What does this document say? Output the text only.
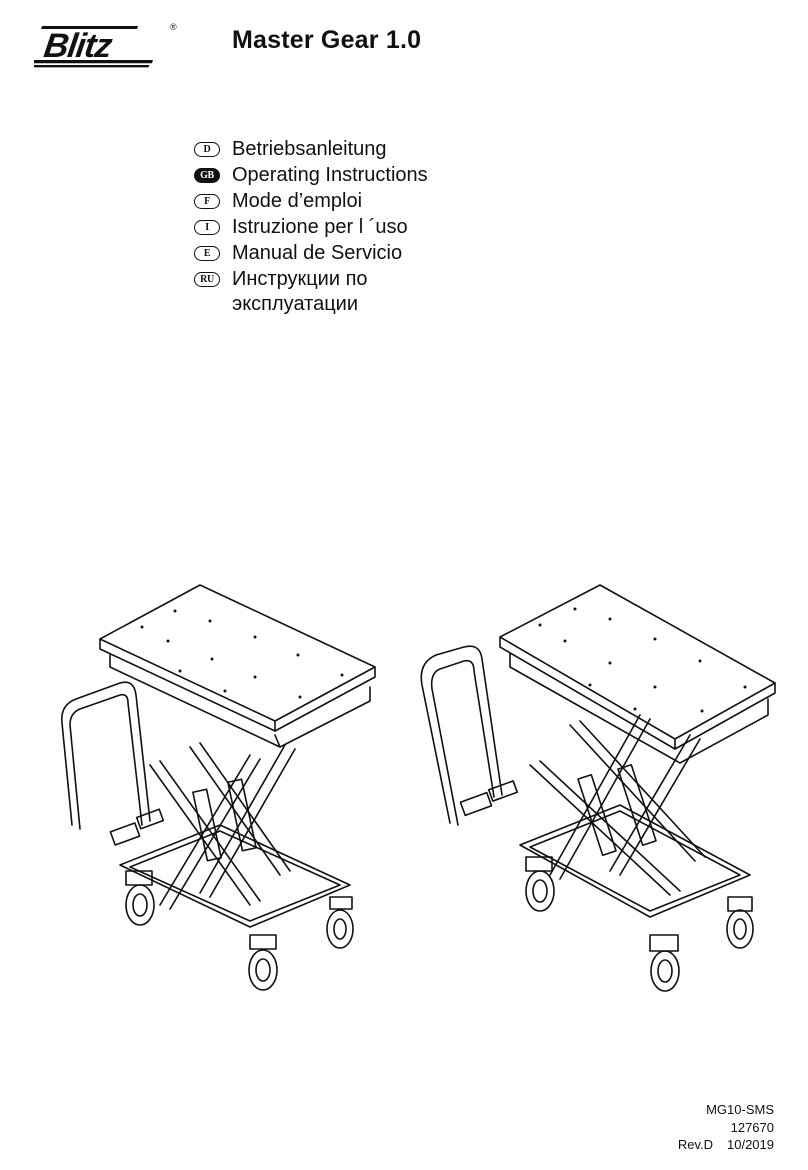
Blitz
® Master Gear 1.0
D	Betriebsanleitung
GB Operating Instructions
F	Mode d’emploi
I	Istruzione per l ´uso
E	Manual de Servicio
RU Инструкции по
эксплуатации
MG10-SMS
127670
Rev.D 10/2019
